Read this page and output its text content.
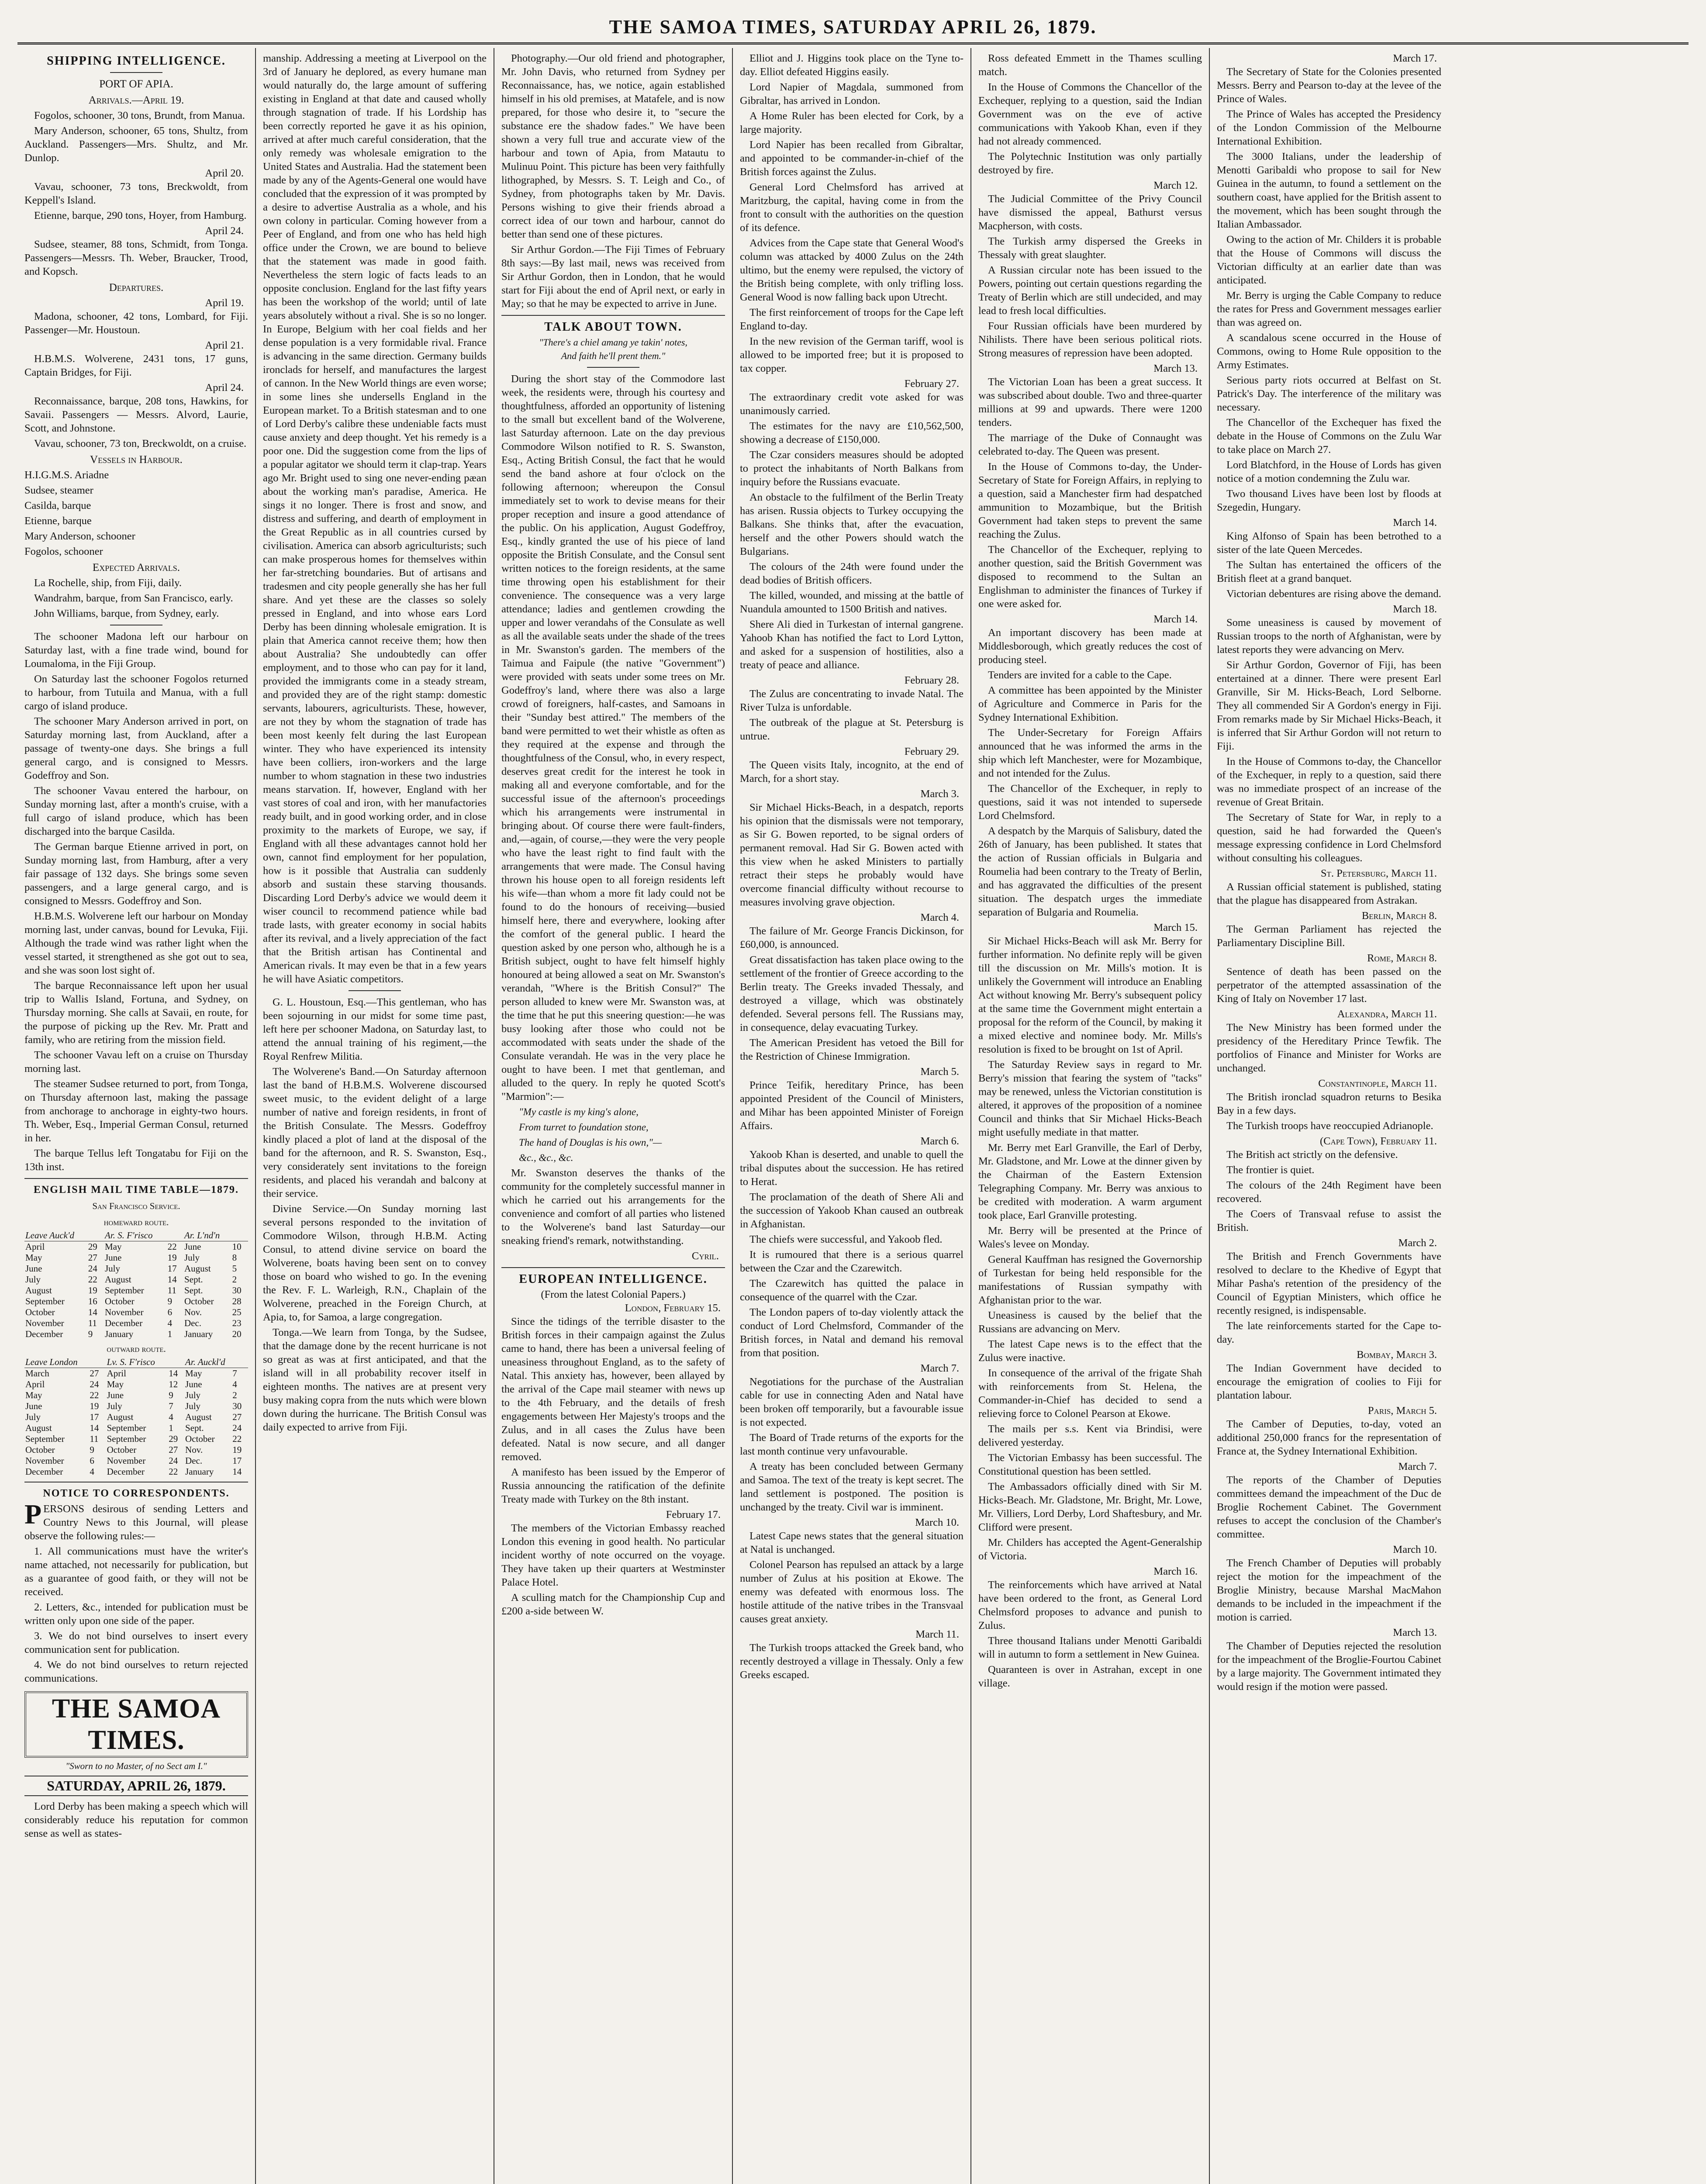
THE SAMOA TIMES, SATURDAY APRIL 26, 1879.
SHIPPING INTELLIGENCE.
PORT OF APIA.
Arrivals.—April 19.

Fogolos, schooner, 30 tons, Brundt, from Manua.

Mary Anderson, schooner, 65 tons, Shultz, from Auckland. Passengers—Mrs. Shultz, and Mr. Dunlop.

April 20.

Vavau, schooner, 73 tons, Breckwoldt, from Keppell's Island.

Etienne, barque, 290 tons, Hoyer, from Hamburg.

April 24.

Sudsee, steamer, 88 tons, Schmidt, from Tonga. Passengers—Messrs. Th. Weber, Braucker, Trood, and Kopsch.

Departures.
April 19.

Madona, schooner, 42 tons, Lombard, for Fiji. Passenger—Mr. Houstoun.

April 21.

H.B.M.S. Wolverene, 2431 tons, 17 guns, Captain Bridges, for Fiji.

April 24.

Reconnaissance, barque, 208 tons, Hawkins, for Savaii. Passengers — Messrs. Alvord, Laurie, Scott, and Johnstone.

Vavau, schooner, 73 ton, Breckwoldt, on a cruise.

Vessels in Harbour.

H.I.G.M.S. Ariadne

Sudsee, steamer

Casilda, barque

Etienne, barque

Mary Anderson, schooner

Fogolos, schooner

Expected Arrivals.

La Rochelle, ship, from Fiji, daily.

Wandrahm, barque, from San Francisco, early.

John Williams, barque, from Sydney, early.

The schooner Madona left our harbour on Saturday last, with a fine trade wind, bound for Loumaloma, in the Fiji Group.

On Saturday last the schooner Fogolos returned to harbour, from Tutuila and Manua, with a full cargo of island produce.

The schooner Mary Anderson arrived in port, on Saturday morning last, from Auckland, after a passage of twenty-one days. She brings a full general cargo, and is consigned to Messrs. Godeffroy and Son.

The schooner Vavau entered the harbour, on Sunday morning last, after a month's cruise, with a full cargo of island produce, which has been discharged into the barque Casilda.

The German barque Etienne arrived in port, on Sunday morning last, from Hamburg, after a very fair passage of 132 days. She brings some seven passengers, and a large general cargo, and is consigned to Messrs. Godeffroy and Son.

H.B.M.S. Wolverene left our harbour on Monday morning last, under canvas, bound for Levuka, Fiji. Although the trade wind was rather light when the vessel started, it strengthened as she got out to sea, and she was soon lost sight of.

The barque Reconnaissance left upon her usual trip to Wallis Island, Fortuna, and Sydney, on Thursday morning. She calls at Savaii, en route, for the purpose of picking up the Rev. Mr. Pratt and family, who are retiring from the mission field.

The schooner Vavau left on a cruise on Thursday morning last.

The steamer Sudsee returned to port, from Tonga, on Thursday afternoon last, making the passage from anchorage to anchorage in eighty-two hours. Th. Weber, Esq., Imperial German Consul, returned in her.

The barque Tellus left Tongatabu for Fiji on the 13th inst.

ENGLISH MAIL TIME TABLE—1879.
San Francisco Service.
homeward route.
Leave Auck'd		Ar. S. F'risco		Ar. L'nd'n	
April	29	May	22	June	10
May	27	June	19	July	8
June	24	July	17	August	5
July	22	August	14	Sept.	2
August	19	September	11	Sept.	30
September	16	October	9	October	28
October	14	November	6	Nov.	25
November	11	December	4	Dec.	23
December	9	January	1	January	20
outward route.
Leave London		Lv. S. F'risco		Ar. Auckl'd	
March	27	April	14	May	7
April	24	May	12	June	4
May	22	June	9	July	2
June	19	July	7	July	30
July	17	August	4	August	27
August	14	September	1	Sept.	24
September	11	September	29	October	22
October	9	October	27	Nov.	19
November	6	November	24	Dec.	17
December	4	December	22	January	14
NOTICE TO CORRESPONDENTS.

PERSONS desirous of sending Letters and Country News to this Journal, will please observe the following rules:—

1. All communications must have the writer's name attached, not necessarily for publication, but as a guarantee of good faith, or they will not be received.

2. Letters, &c., intended for publication must be written only upon one side of the paper.

3. We do not bind ourselves to insert every communication sent for publication.

4. We do not bind ourselves to return rejected communications.

THE SAMOA TIMES.
"Sworn to no Master, of no Sect am I."
SATURDAY, APRIL 26, 1879.

Lord Derby has been making a speech which will considerably reduce his reputation for common sense as well as states-

manship. Addressing a meeting at Liverpool on the 3rd of January he deplored, as every humane man would naturally do, the large amount of suffering existing in England at that date and caused wholly through stagnation of trade. If his Lordship has been correctly reported he gave it as his opinion, arrived at after much careful consideration, that the only remedy was wholesale emigration to the United States and Australia. Had the statement been made by any of the Agents-General one would have concluded that the expression of it was prompted by a desire to advertise Australia as a whole, and his own colony in particular. Coming however from a Peer of England, and from one who has held high office under the Crown, we are bound to believe that the statement was made in good faith. Nevertheless the stern logic of facts leads to an opposite conclusion. England for the last fifty years has been the workshop of the world; until of late years absolutely without a rival. She is so no longer. In Europe, Belgium with her coal fields and her dense population is a very formidable rival. France is advancing in the same direction. Germany builds ironclads for herself, and manufactures the largest of cannon. In the New World things are even worse; in some lines she undersells England in the European market. To a British statesman and to one of Lord Derby's calibre these undeniable facts must cause anxiety and deep thought. Yet his remedy is a poor one. Did the suggestion come from the lips of a popular agitator we should term it clap-trap. Years ago Mr. Bright used to sing one never-ending pæan about the working man's paradise, America. He sings it no longer. There is frost and snow, and distress and suffering, and dearth of employment in the Great Republic as in all countries cursed by civilisation. America can absorb agriculturists; such can make prosperous homes for themselves within her far-stretching boundaries. But of artisans and tradesmen and city people generally she has her full share. And yet these are the classes so solely pressed in England, and into whose ears Lord Derby has been dinning wholesale emigration. It is plain that America cannot receive them; how then about Australia? She undoubtedly can offer employment, and to those who can pay for it land, provided the immigrants come in a steady stream, and provided they are of the right stamp: domestic servants, labourers, agriculturists. These, however, are not they by whom the stagnation of trade has been most keenly felt during the last European winter. They who have experienced its intensity have been colliers, iron-workers and the large number to whom stagnation in these two industries means starvation. If, however, England with her vast stores of coal and iron, with her manufactories ready built, and in good working order, and in close proximity to the markets of Europe, we say, if England with all these advantages cannot hold her own, cannot find employment for her population, how is it possible that Australia can suddenly absorb and sustain these starving thousands. Discarding Lord Derby's advice we would deem it wiser council to recommend patience while bad trade lasts, with greater economy in social habits after its revival, and a lively appreciation of the fact that the British artisan has Continental and American rivals. It may even be that in a few years he will have Asiatic competitors.

G. L. Houstoun, Esq.—This gentleman, who has been sojourning in our midst for some time past, left here per schooner Madona, on Saturday last, to attend the annual training of his regiment,—the Royal Renfrew Militia.

The Wolverene's Band.—On Saturday afternoon last the band of H.B.M.S. Wolverene discoursed sweet music, to the evident delight of a large number of native and foreign residents, in front of the British Consulate. The Messrs. Godeffroy kindly placed a plot of land at the disposal of the band for the afternoon, and R. S. Swanston, Esq., very considerately sent invitations to the foreign residents, and placed his verandah and balcony at their service.

Divine Service.—On Sunday morning last several persons responded to the invitation of Commodore Wilson, through H.B.M. Acting Consul, to attend divine service on board the Wolverene, boats having been sent on to convey those on board who wished to go. In the evening the Rev. F. L. Warleigh, R.N., Chaplain of the Wolverene, preached in the Foreign Church, at Apia, to, for Samoa, a large congregation.

Tonga.—We learn from Tonga, by the Sudsee, that the damage done by the recent hurricane is not so great as was at first anticipated, and that the island will in all probability recover itself in eighteen months. The natives are at present very busy making copra from the nuts which were blown down during the hurricane. The British Consul was daily expected to arrive from Fiji.

Photography.—Our old friend and photographer, Mr. John Davis, who returned from Sydney per Reconnaissance, has, we notice, again established himself in his old premises, at Matafele, and is now prepared, for those who desire it, to "secure the substance ere the shadow fades." We have been shown a very full true and accurate view of the harbour and town of Apia, from Matautu to Mulinuu Point. This picture has been very faithfully lithographed, by Messrs. S. T. Leigh and Co., of Sydney, from photographs taken by Mr. Davis. Persons wishing to give their friends abroad a correct idea of our town and harbour, cannot do better than send one of these pictures.

Sir Arthur Gordon.—The Fiji Times of February 8th says:—By last mail, news was received from Sir Arthur Gordon, then in London, that he would start for Fiji about the end of April next, or early in May; so that he may be expected to arrive in June.

TALK ABOUT TOWN.
"There's a chiel amang ye takin' notes,
And faith he'll prent them."

During the short stay of the Commodore last week, the residents were, through his courtesy and thoughtfulness, afforded an opportunity of listening to the small but excellent band of the Wolverene, last Saturday afternoon. Late on the day previous Commodore Wilson notified to R. S. Swanston, Esq., Acting British Consul, the fact that he would send the band ashore at four o'clock on the following afternoon; whereupon the Consul immediately set to work to devise means for their proper reception and insure a good attendance of the public. On his application, August Godeffroy, Esq., kindly granted the use of his piece of land opposite the British Consulate, and the Consul sent written notices to the foreign residents, at the same time throwing open his establishment for their convenience. The consequence was a very large attendance; ladies and gentlemen crowding the upper and lower verandahs of the Consulate as well as all the available seats under the shade of the trees in Mr. Swanston's garden. The members of the Taimua and Faipule (the native "Government") were provided with seats under some trees on Mr. Godeffroy's land, where there was also a large crowd of foreigners, half-castes, and Samoans in their "Sunday best attired." The members of the band were permitted to wet their whistle as often as they required at the expense and through the thoughtfulness of the Consul, who, in every respect, deserves great credit for the interest he took in making all and everyone comfortable, and for the successful issue of the afternoon's proceedings which his arrangements were instrumental in bringing about. Of course there were fault-finders, and,—again, of course,—they were the very people who have the least right to find fault with the arrangements that were made. The Consul having thrown his house open to all foreign residents left his wife—than whom a more fit lady could not be found to do the honours of receiving—busied himself here, there and everywhere, looking after the comfort of the general public. I heard the question asked by one person who, although he is a British subject, ought to have felt himself highly honoured at being allowed a seat on Mr. Swanston's verandah, "Where is the British Consul?" The person alluded to knew were Mr. Swanston was, at the time that he put this sneering question:—he was busy looking after those who could not be accommodated with seats under the shade of the Consulate verandah. He was in the very place he ought to have been. I met that gentleman, and alluded to the query. In reply he quoted Scott's "Marmion":—

"My castle is my king's alone,

From turret to foundation stone,

The hand of Douglas is his own,"—

&c., &c., &c.

Mr. Swanston deserves the thanks of the community for the completely successful manner in which he carried out his arrangements for the convenience and comfort of all parties who listened to the Wolverene's band last Saturday—our sneaking friend's remark, notwithstanding.

Cyril.
EUROPEAN INTELLIGENCE.
(From the latest Colonial Papers.)
London, February 15.

Since the tidings of the terrible disaster to the British forces in their campaign against the Zulus came to hand, there has been a universal feeling of uneasiness throughout England, as to the safety of Natal. This anxiety has, however, been allayed by the arrival of the Cape mail steamer with news up to the 4th February, and the details of fresh engagements between Her Majesty's troops and the Zulus, and in all cases the Zulus have been defeated. Natal is now secure, and all danger removed.

A manifesto has been issued by the Emperor of Russia announcing the ratification of the definite Treaty made with Turkey on the 8th instant.

February 17.

The members of the Victorian Embassy reached London this evening in good health. No particular incident worthy of note occurred on the voyage. They have taken up their quarters at Westminster Palace Hotel.

A sculling match for the Championship Cup and £200 a-side between W.

Elliot and J. Higgins took place on the Tyne to-day. Elliot defeated Higgins easily.

Lord Napier of Magdala, summoned from Gibraltar, has arrived in London.

A Home Ruler has been elected for Cork, by a large majority.

Lord Napier has been recalled from Gibraltar, and appointed to be commander-in-chief of the British forces against the Zulus.

General Lord Chelmsford has arrived at Maritzburg, the capital, having come in from the front to consult with the authorities on the question of its defence.

Advices from the Cape state that General Wood's column was attacked by 4000 Zulus on the 24th ultimo, but the enemy were repulsed, the victory of the British being complete, with only trifling loss. General Wood is now falling back upon Utrecht.

The first reinforcement of troops for the Cape left England to-day.

In the new revision of the German tariff, wool is allowed to be imported free; but it is proposed to tax copper.

February 27.

The extraordinary credit vote asked for was unanimously carried.

The estimates for the navy are £10,562,500, showing a decrease of £150,000.

The Czar considers measures should be adopted to protect the inhabitants of North Balkans from inquiry before the Russians evacuate.

An obstacle to the fulfilment of the Berlin Treaty has arisen. Russia objects to Turkey occupying the Balkans. She thinks that, after the evacuation, herself and the other Powers should watch the Bulgarians.

The colours of the 24th were found under the dead bodies of British officers.

The killed, wounded, and missing at the battle of Nuandula amounted to 1500 British and natives.

Shere Ali died in Turkestan of internal gangrene. Yahoob Khan has notified the fact to Lord Lytton, and asked for a suspension of hostilities, also a treaty of peace and alliance.

February 28.

The Zulus are concentrating to invade Natal. The River Tulza is unfordable.

The outbreak of the plague at St. Petersburg is untrue.

February 29.

The Queen visits Italy, incognito, at the end of March, for a short stay.

March 3.

Sir Michael Hicks-Beach, in a despatch, reports his opinion that the dismissals were not temporary, as Sir G. Bowen reported, to be signal orders of permanent removal. Had Sir G. Bowen acted with this view when he asked Ministers to partially retract their steps he probably would have overcome financial difficulty without recourse to measures involving grave objection.

March 4.

The failure of Mr. George Francis Dickinson, for £60,000, is announced.

Great dissatisfaction has taken place owing to the settlement of the frontier of Greece according to the Berlin treaty. The Greeks invaded Thessaly, and destroyed a village, which was obstinately defended. Several persons fell. The Russians may, in consequence, delay evacuating Turkey.

The American President has vetoed the Bill for the Restriction of Chinese Immigration.

March 5.

Prince Teifik, hereditary Prince, has been appointed President of the Council of Ministers, and Mihar has been appointed Minister of Foreign Affairs.

March 6.

Yakoob Khan is deserted, and unable to quell the tribal disputes about the succession. He has retired to Herat.

The proclamation of the death of Shere Ali and the succession of Yakoob Khan caused an outbreak in Afghanistan.

The chiefs were successful, and Yakoob fled.

It is rumoured that there is a serious quarrel between the Czar and the Czarewitch.

The Czarewitch has quitted the palace in consequence of the quarrel with the Czar.

The London papers of to-day violently attack the conduct of Lord Chelmsford, Commander of the British forces, in Natal and demand his removal from that position.

March 7.

Negotiations for the purchase of the Australian cable for use in connecting Aden and Natal have been broken off temporarily, but a favourable issue is not expected.

The Board of Trade returns of the exports for the last month continue very unfavourable.

A treaty has been concluded between Germany and Samoa. The text of the treaty is kept secret. The land settlement is postponed. The position is unchanged by the treaty. Civil war is imminent.

March 10.

Latest Cape news states that the general situation at Natal is unchanged.

Colonel Pearson has repulsed an attack by a large number of Zulus at his position at Ekowe. The enemy was defeated with enormous loss. The hostile attitude of the native tribes in the Transvaal causes great anxiety.

March 11.

The Turkish troops attacked the Greek band, who recently destroyed a village in Thessaly. Only a few Greeks escaped.

Ross defeated Emmett in the Thames sculling match.

In the House of Commons the Chancellor of the Exchequer, replying to a question, said the Indian Government was on the eve of active communications with Yakoob Khan, even if they had not already commenced.

The Polytechnic Institution was only partially destroyed by fire.

March 12.

The Judicial Committee of the Privy Council have dismissed the appeal, Bathurst versus Macpherson, with costs.

The Turkish army dispersed the Greeks in Thessaly with great slaughter.

A Russian circular note has been issued to the Powers, pointing out certain questions regarding the Treaty of Berlin which are still undecided, and may lead to fresh local difficulties.

Four Russian officials have been murdered by Nihilists. There have been serious political riots. Strong measures of repression have been adopted.

March 13.

The Victorian Loan has been a great success. It was subscribed about double. Two and three-quarter millions at 99 and upwards. There were 1200 tenders.

The marriage of the Duke of Connaught was celebrated to-day. The Queen was present.

In the House of Commons to-day, the Under-Secretary of State for Foreign Affairs, in replying to a question, said a Manchester firm had despatched ammunition to Mozambique, but the British Government had taken steps to prevent the same reaching the Zulus.

The Chancellor of the Exchequer, replying to another question, said the British Government was disposed to recommend to the Sultan an Englishman to administer the finances of Turkey if one were asked for.

March 14.

An important discovery has been made at Middlesborough, which greatly reduces the cost of producing steel.

Tenders are invited for a cable to the Cape.

A committee has been appointed by the Minister of Agriculture and Commerce in Paris for the Sydney International Exhibition.

The Under-Secretary for Foreign Affairs announced that he was informed the arms in the ship which left Manchester, were for Mozambique, and not intended for the Zulus.

The Chancellor of the Exchequer, in reply to questions, said it was not intended to supersede Lord Chelmsford.

A despatch by the Marquis of Salisbury, dated the 26th of January, has been published. It states that the action of Russian officials in Bulgaria and Roumelia had been contrary to the Treaty of Berlin, and has aggravated the difficulties of the present situation. The despatch urges the immediate separation of Bulgaria and Roumelia.

March 15.

Sir Michael Hicks-Beach will ask Mr. Berry for further information. No definite reply will be given till the discussion on Mr. Mills's motion. It is unlikely the Government will introduce an Enabling Act without knowing Mr. Berry's subsequent policy at the same time the Government might entertain a proposal for the reform of the Council, by making it a mixed elective and nominee body. Mr. Mills's resolution is fixed to be brought on 1st of April.

The Saturday Review says in regard to Mr. Berry's mission that fearing the system of "tacks" may be renewed, unless the Victorian constitution is altered, it approves of the proposition of a nominee Council and thinks that Sir Michael Hicks-Beach might usefully mediate in that matter.

Mr. Berry met Earl Granville, the Earl of Derby, Mr. Gladstone, and Mr. Lowe at the dinner given by the Chairman of the Eastern Extension Telegraphing Company. Mr. Berry was anxious to be credited with moderation. A warm argument took place, Earl Granville protesting.

Mr. Berry will be presented at the Prince of Wales's levee on Monday.

General Kauffman has resigned the Governorship of Turkestan for being held responsible for the manifestations of Russian sympathy with Afghanistan prior to the war.

Uneasiness is caused by the belief that the Russians are advancing on Merv.

The latest Cape news is to the effect that the Zulus were inactive.

In consequence of the arrival of the frigate Shah with reinforcements from St. Helena, the Commander-in-Chief has decided to send a relieving force to Colonel Pearson at Ekowe.

The mails per s.s. Kent via Brindisi, were delivered yesterday.

The Victorian Embassy has been successful. The Constitutional question has been settled.

The Ambassadors officially dined with Sir M. Hicks-Beach. Mr. Gladstone, Mr. Bright, Mr. Lowe, Mr. Villiers, Lord Derby, Lord Shaftesbury, and Mr. Clifford were present.

Mr. Childers has accepted the Agent-Generalship of Victoria.

March 16.

The reinforcements which have arrived at Natal have been ordered to the front, as General Lord Chelmsford proposes to advance and punish to Zulus.

Three thousand Italians under Menotti Garibaldi will in autumn to form a settlement in New Guinea.

Quaranteen is over in Astrahan, except in one village.

March 17.

The Secretary of State for the Colonies presented Messrs. Berry and Pearson to-day at the levee of the Prince of Wales.

The Prince of Wales has accepted the Presidency of the London Commission of the Melbourne International Exhibition.

The 3000 Italians, under the leadership of Menotti Garibaldi who propose to sail for New Guinea in the autumn, to found a settlement on the southern coast, have applied for the British assent to the movement, which has been sought through the Italian Ambassador.

Owing to the action of Mr. Childers it is probable that the House of Commons will discuss the Victorian difficulty at an earlier date than was anticipated.

Mr. Berry is urging the Cable Company to reduce the rates for Press and Government messages earlier than was agreed on.

A scandalous scene occurred in the House of Commons, owing to Home Rule opposition to the Army Estimates.

Serious party riots occurred at Belfast on St. Patrick's Day. The interference of the military was necessary.

The Chancellor of the Exchequer has fixed the debate in the House of Commons on the Zulu War to take place on March 27.

Lord Blatchford, in the House of Lords has given notice of a motion condemning the Zulu war.

Two thousand Lives have been lost by floods at Szegedin, Hungary.

March 14.

King Alfonso of Spain has been betrothed to a sister of the late Queen Mercedes.

The Sultan has entertained the officers of the British fleet at a grand banquet.

Victorian debentures are rising above the demand.

March 18.

Some uneasiness is caused by movement of Russian troops to the north of Afghanistan, were by latest reports they were advancing on Merv.

Sir Arthur Gordon, Governor of Fiji, has been entertained at a dinner. There were present Earl Granville, Sir M. Hicks-Beach, Lord Selborne. They all commended Sir A Gordon's energy in Fiji. From remarks made by Sir Michael Hicks-Beach, it is inferred that Sir Arthur Gordon will not return to Fiji.

In the House of Commons to-day, the Chancellor of the Exchequer, in reply to a question, said there was no immediate prospect of an increase of the revenue of Great Britain.

The Secretary of State for War, in reply to a question, said he had forwarded the Queen's message expressing confidence in Lord Chelmsford without consulting his colleagues.

St. Petersburg, March 11.

A Russian official statement is published, stating that the plague has disappeared from Astrakan.

Berlin, March 8.

The German Parliament has rejected the Parliamentary Discipline Bill.

Rome, March 8.

Sentence of death has been passed on the perpetrator of the attempted assassination of the King of Italy on November 17 last.

Alexandra, March 11.

The New Ministry has been formed under the presidency of the Hereditary Prince Tewfik. The portfolios of Finance and Minister for Works are unchanged.

Constantinople, March 11.

The British ironclad squadron returns to Besika Bay in a few days.

The Turkish troops have reoccupied Adrianople.

(Cape Town), February 11.

The British act strictly on the defensive.

The frontier is quiet.

The colours of the 24th Regiment have been recovered.

The Coers of Transvaal refuse to assist the British.

March 2.

The British and French Governments have resolved to declare to the Khedive of Egypt that Mihar Pasha's retention of the presidency of the Council of Egyptian Ministers, which office he recently resigned, is indispensable.

The late reinforcements started for the Cape to-day.

Bombay, March 3.

The Indian Government have decided to encourage the emigration of coolies to Fiji for plantation labour.

Paris, March 5.

The Camber of Deputies, to-day, voted an additional 250,000 francs for the representation of France at, the Sydney International Exhibition.

March 7.

The reports of the Chamber of Deputies committees demand the impeachment of the Duc de Broglie Rochement Cabinet. The Government refuses to accept the conclusion of the Chamber's committee.

March 10.

The French Chamber of Deputies will probably reject the motion for the impeachment of the Broglie Ministry, because Marshal MacMahon demands to be included in the impeachment if the motion is carried.

March 13.

The Chamber of Deputies rejected the resolution for the impeachment of the Broglie-Fourtou Cabinet by a large majority. The Government intimated they would resign if the motion were passed.
